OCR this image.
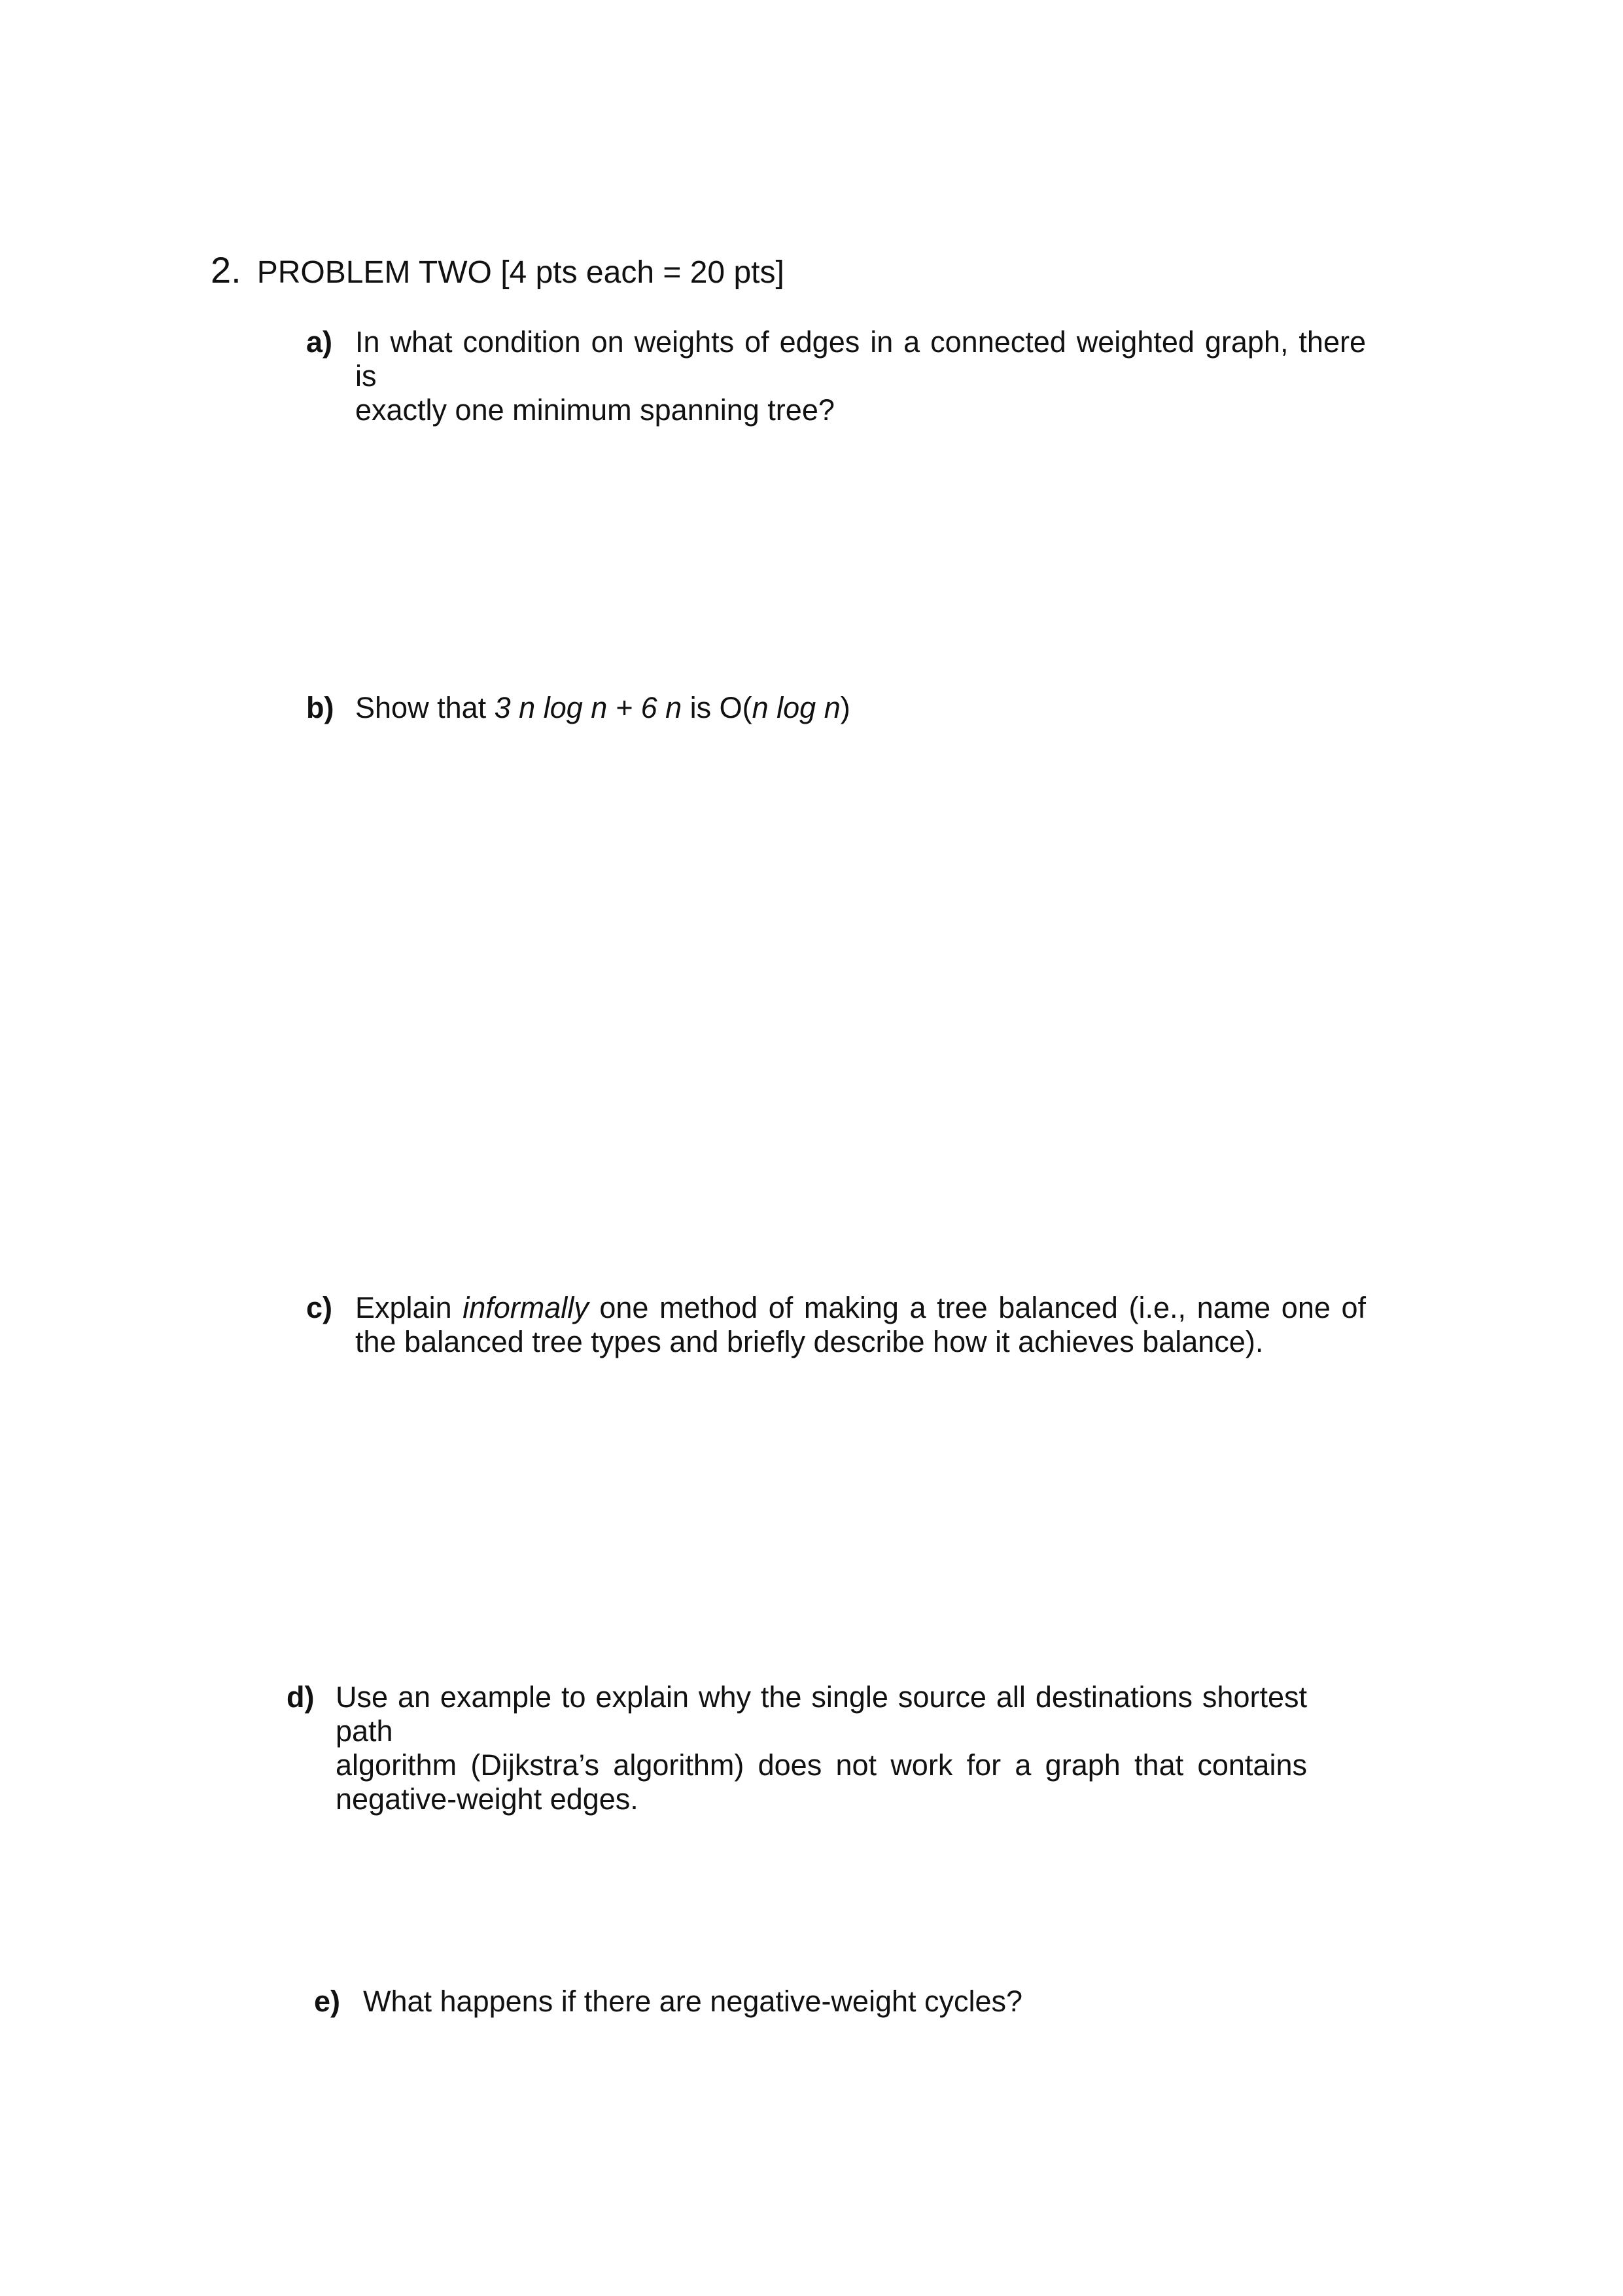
2. PROBLEM TWO [4 pts each = 20 pts]
a) In what condition on weights of edges in a connected weighted graph, there is
exactly one minimum spanning tree?
b) Show that 3 n log n + 6 n is O(n log n)
c) Explain informally one method of making a tree balanced (i.e., name one of
the balanced tree types and briefly describe how it achieves balance).
d) Use an example to explain why the single source all destinations shortest path
algorithm (Dijkstra’s algorithm) does not work for a graph that contains
negative-weight edges.
e) What happens if there are negative-weight cycles?
